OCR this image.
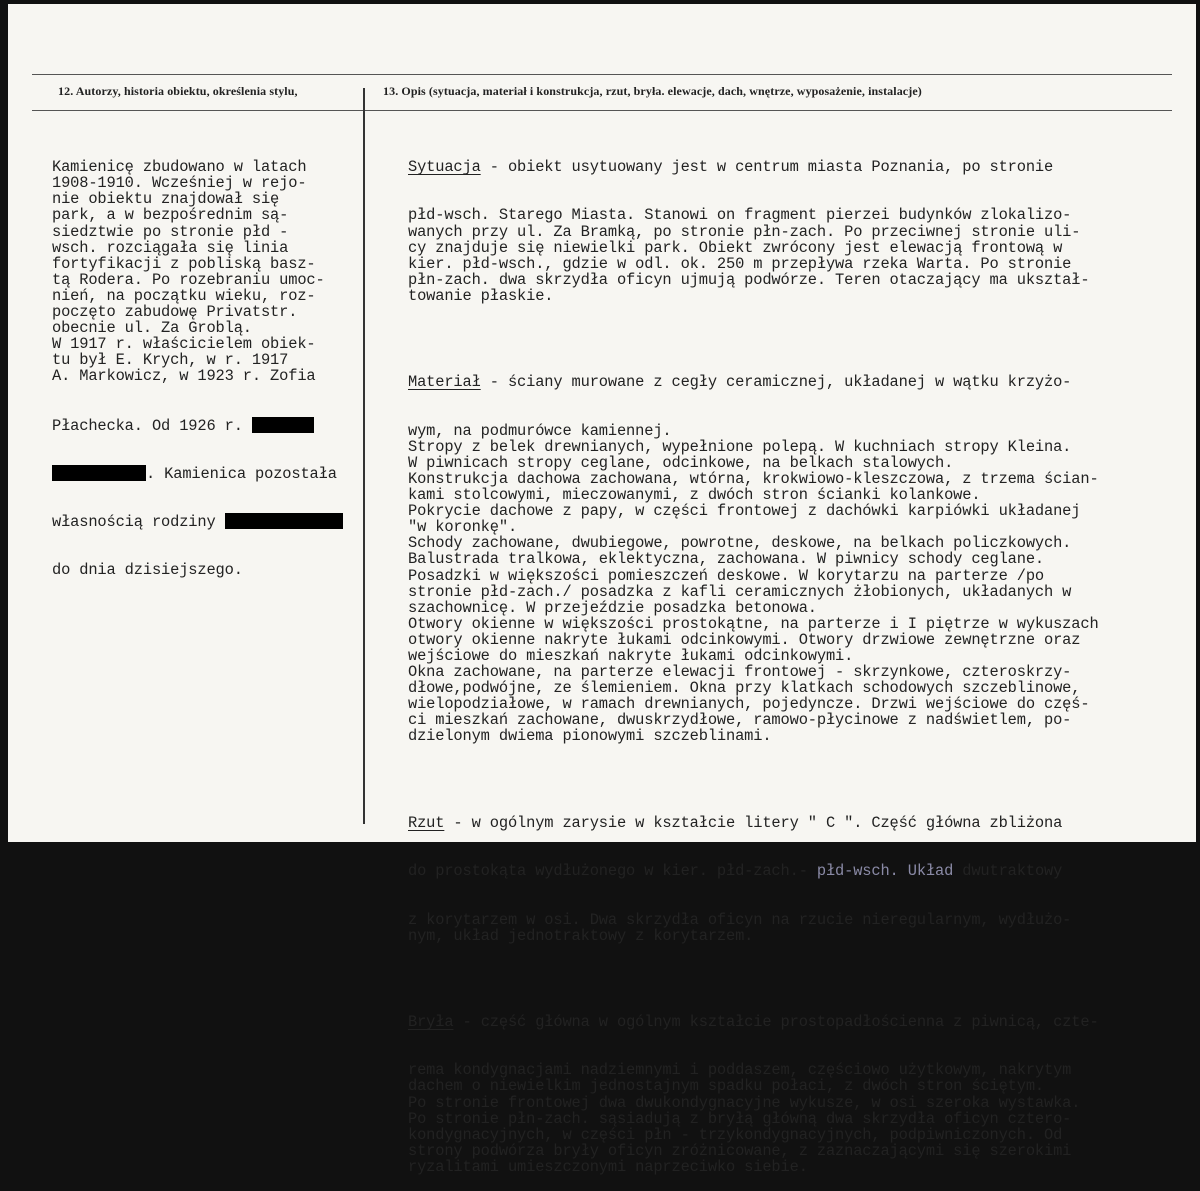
12. Autorzy, historia obiektu, określenia stylu,	13. Opis (sytuacja, materiał i konstrukcja, rzut, bryła. elewacje, dach, wnętrze, wyposażenie, instalacje)

Kamienicę zbudowano w latach
1908-1910. Wcześniej w rejo-
nie obiektu znajdował się
park, a w bezpośrednim są-
siedztwie po stronie płd -
wsch. rozciągała się linia
fortyfikacji z pobliską basz-
tą Rodera. Po rozebraniu umoc-
nień, na początku wieku, roz-
poczęto zabudowę Privatstr.
obecnie ul. Za Groblą.
W 1917 r. właścicielem obiek-
tu był E. Krych, w r. 1917
A. Markowicz, w 1923 r. Zofia

Płachecka. Od 1926 r.

. Kamienica pozostała

własnością rodziny

do dnia dzisiejszego.

Sytuacja - obiekt usytuowany jest w centrum miasta Poznania, po stronie

płd-wsch. Starego Miasta. Stanowi on fragment pierzei budynków zlokalizo-
wanych przy ul. Za Bramką, po stronie płn-zach. Po przeciwnej stronie uli-
cy znajduje się niewielki park. Obiekt zwrócony jest elewacją frontową w
kier. płd-wsch., gdzie w odl. ok. 250 m przepływa rzeka Warta. Po stronie
płn-zach. dwa skrzydła oficyn ujmują podwórze. Teren otaczający ma ukształ-
towanie płaskie.

Materiał - ściany murowane z cegły ceramicznej, układanej w wątku krzyżo-

wym, na podmurówce kamiennej.
Stropy z belek drewnianych, wypełnione polepą. W kuchniach stropy Kleina.
W piwnicach stropy ceglane, odcinkowe, na belkach stalowych.
Konstrukcja dachowa zachowana, wtórna, krokwiowo-kleszczowa, z trzema ścian-
kami stolcowymi, mieczowanymi, z dwóch stron ścianki kolankowe.
Pokrycie dachowe z papy, w części frontowej z dachówki karpiówki układanej
"w koronkę".
Schody zachowane, dwubiegowe, powrotne, deskowe, na belkach policzkowych.
Balustrada tralkowa, eklektyczna, zachowana. W piwnicy schody ceglane.
Posadzki w większości pomieszczeń deskowe. W korytarzu na parterze /po
stronie płd-zach./ posadzka z kafli ceramicznych żłobionych, układanych w
szachownicę. W przejeździe posadzka betonowa.
Otwory okienne w większości prostokątne, na parterze i I piętrze w wykuszach
otwory okienne nakryte łukami odcinkowymi. Otwory drzwiowe zewnętrzne oraz
wejściowe do mieszkań nakryte łukami odcinkowymi.
Okna zachowane, na parterze elewacji frontowej - skrzynkowe, czteroskrzy-
dłowe,podwójne, ze ślemieniem. Okna przy klatkach schodowych szczeblinowe,
wielopodziałowe, w ramach drewnianych, pojedyncze. Drzwi wejściowe do częś-
ci mieszkań zachowane, dwuskrzydłowe, ramowo-płycinowe z nadświetlem, po-
dzielonym dwiema pionowymi szczeblinami.

Rzut - w ogólnym zarysie w kształcie litery " C ". Część główna zbliżona

do prostokąta wydłużonego w kier. płd-zach.- płd-wsch. Układ dwutraktowy

z korytarzem w osi. Dwa skrzydła oficyn na rzucie nieregularnym, wydłużo-
nym, układ jednotraktowy z korytarzem.

Bryła - część główna w ogólnym kształcie prostopadłościenna z piwnicą, czte-

rema kondygnacjami nadziemnymi i poddaszem, częściowo użytkowym, nakrytym
dachem o niewielkim jednostajnym spadku połaci, z dwóch stron ściętym.
Po stronie frontowej dwa dwukondygnacyjne wykusze, w osi szeroka wystawka.
Po stronie płn-zach. sąsiadują z bryłą główną dwa skrzydła oficyn cztero-
kondygnacyjnych, w części płn - trzykondygnacyjnych, podpiwniczonych. Od
strony podwórza bryły oficyn zróżnicowane, z zaznaczającymi się szerokimi
ryzalitami umieszczonymi naprzeciwko siebie.
